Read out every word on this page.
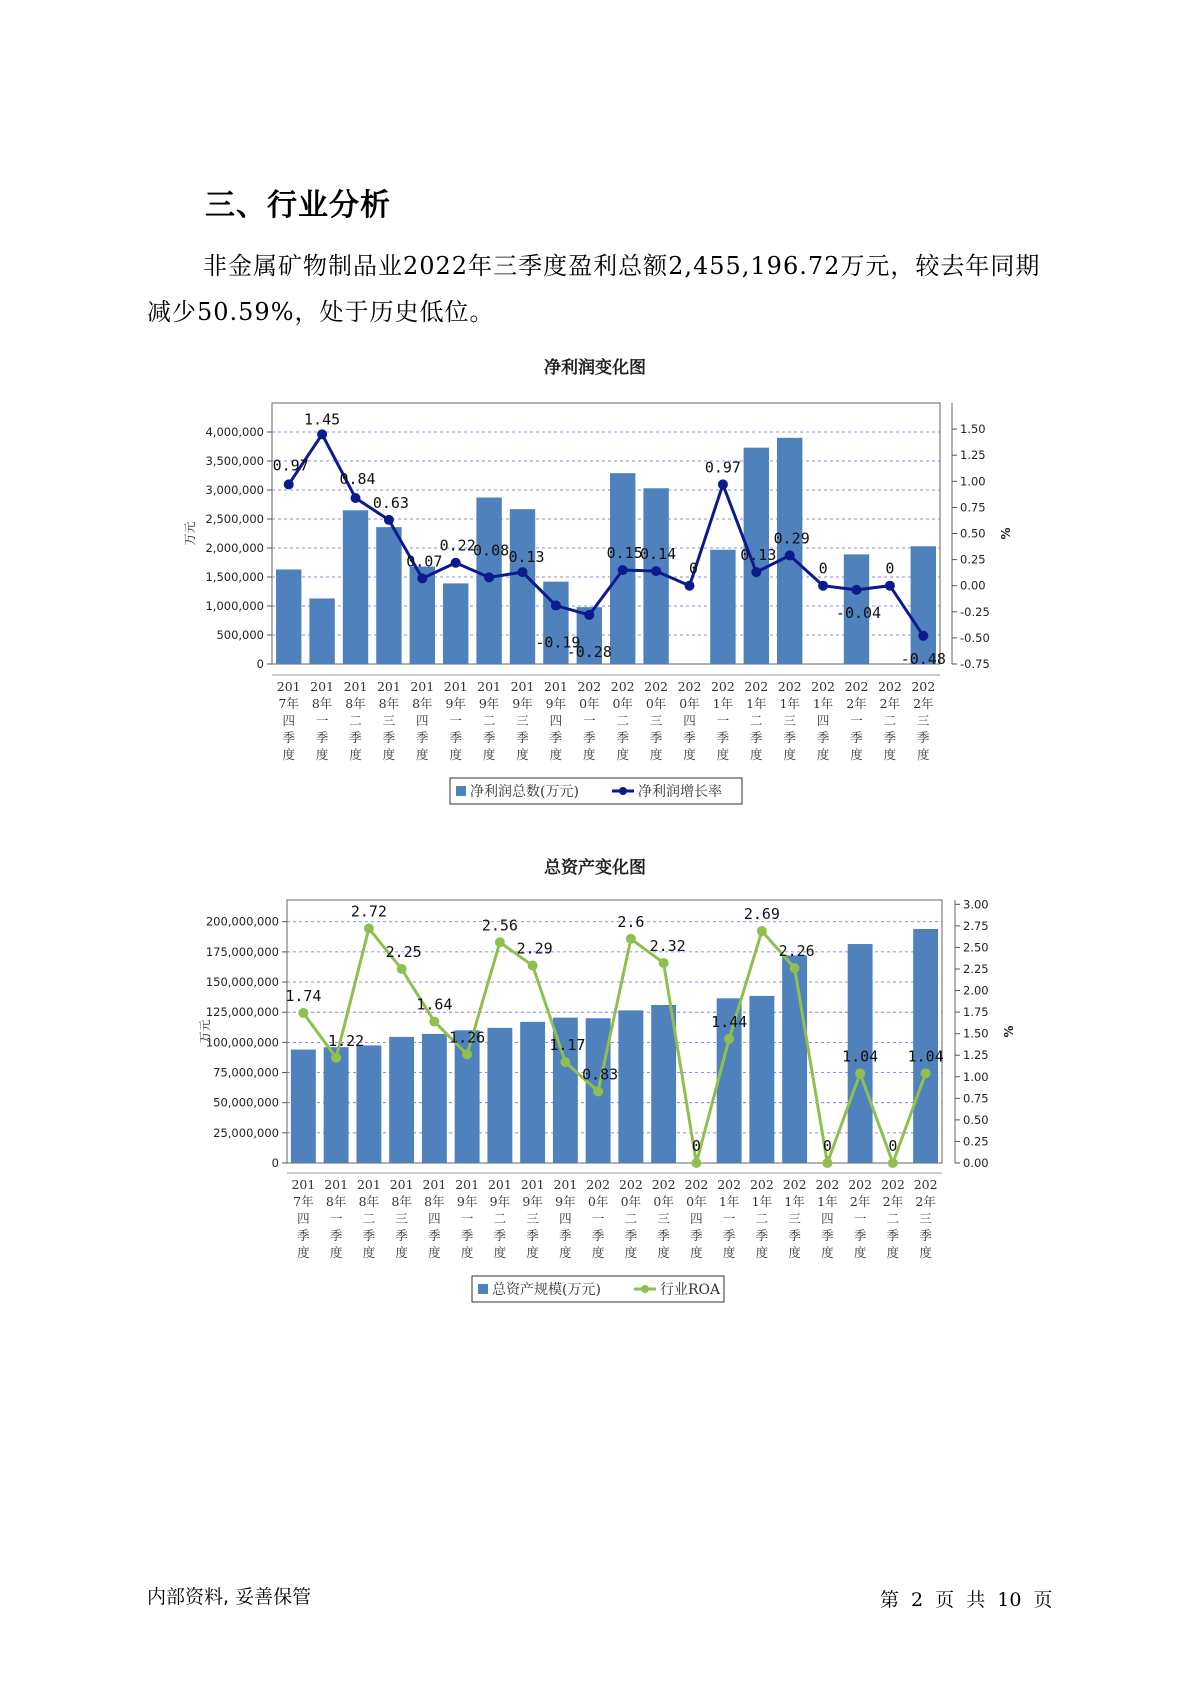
三、行业分析
非金属矿物制品业2022年三季度盈利总额2,455,196.72万元，较去年同期减少50.59%，处于历史低位。
净利润变化图
0
500,000
1,000,000
1,500,000
2,000,000
2,500,000
3,000,000
3,500,000
4,000,000
-0.75
-0.50
-0.25
0.00
0.25
0.50
0.75
1.00
1.25
1.50
万元	%
0.97
1.45
0.84
0.63
0.07
0.22
0.08 0.13
-0.19
-0.28
0.15
0.14
0
0.97
0.13
0.29
0
-0.04
0
-0.48
201 7年四季度
201 8年一季度
201 8年二季度
201 8年三季度
201 8年四季度
201 9年一季度
201 9年二季度
201 9年三季度
201 9年四季度
202 0年一季度
202 0年二季度
202 0年三季度
202 0年四季度
202 1年一季度
202 1年二季度
202 1年三季度
202 1年四季度
202 2年一季度
202 2年二季度
202 2年三季度
净利润总数(万元)	净利润增长率
总资产变化图
0
25,000,000
50,000,000
75,000,000
100,000,000
125,000,000
150,000,000
175,000,000
200,000,000
0.00
0.25
0.50
0.75
1.00
1.25
1.50
1.75
2.00
2.25
2.50
2.75
3.00
万元	%
1.74
1.22
2.72
2.25
1.64
1.26
2.56
2.29
1.17
0.83
2.6
2.32
0
1.44
2.69
2.26
0
1.04
0
1.04
201 7年四季度
201 8年一季度
201 8年二季度
201 8年三季度
201 8年四季度
201 9年一季度
201 9年二季度
201 9年三季度
201 9年四季度
202 0年一季度
202 0年二季度
202 0年三季度
202 0年四季度
202 1年一季度
202 1年二季度
202 1年三季度
202 1年四季度
202 2年一季度
202 2年二季度
202 2年三季度
总资产规模(万元)	行业ROA
内部资料, 妥善保管	第 2 页 共 10 页
